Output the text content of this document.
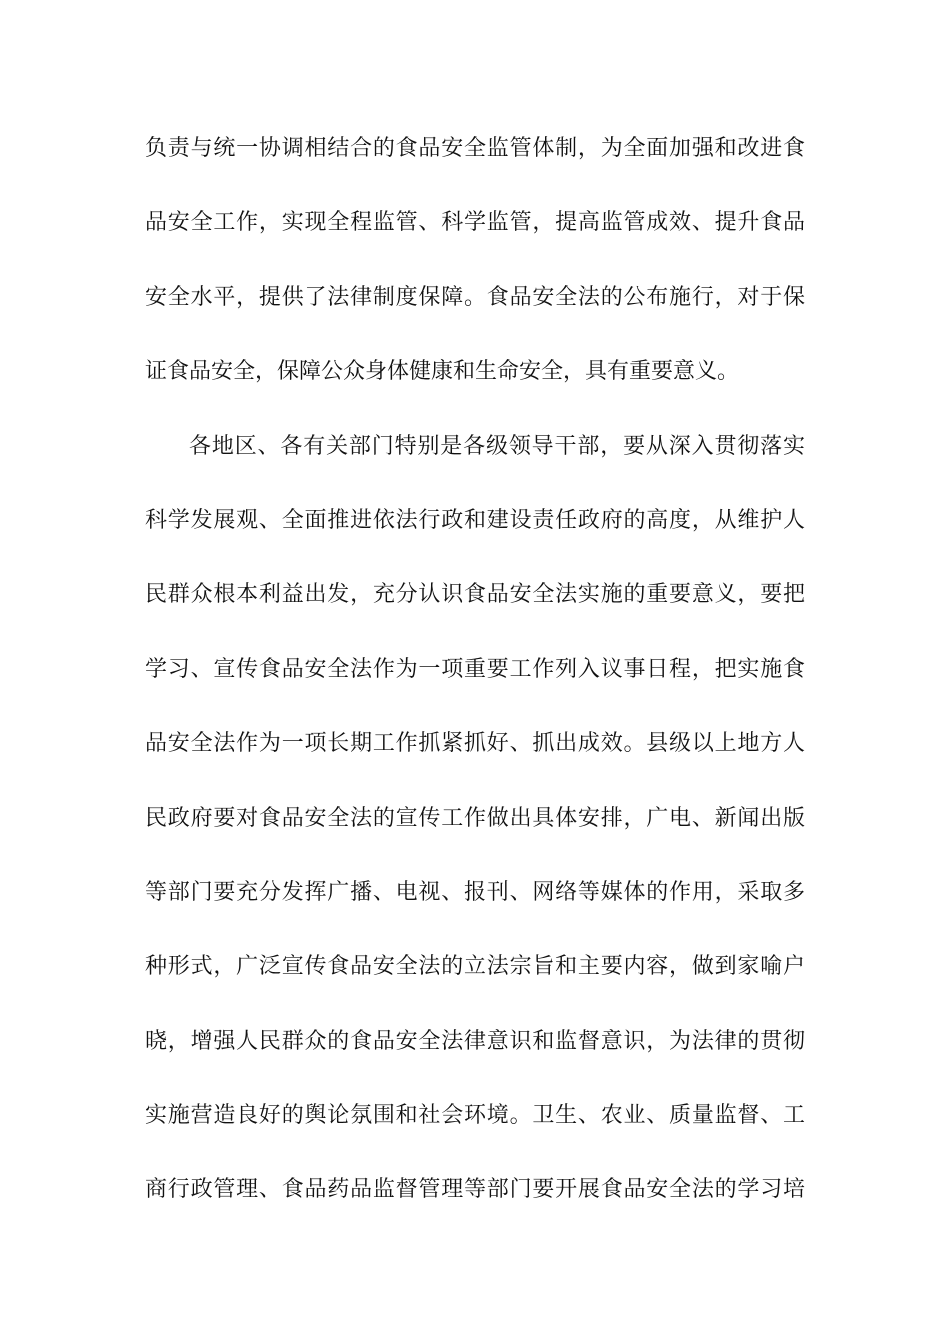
负责与统一协调相结合的食品安全监管体制，为全面加强和改进食
品安全工作，实现全程监管、科学监管，提高监管成效、提升食品
安全水平，提供了法律制度保障。食品安全法的公布施行，对于保
证食品安全，保障公众身体健康和生命安全，具有重要意义。
各地区、各有关部门特别是各级领导干部，要从深入贯彻落实
科学发展观、全面推进依法行政和建设责任政府的高度，从维护人
民群众根本利益出发，充分认识食品安全法实施的重要意义，要把
学习、宣传食品安全法作为一项重要工作列入议事日程，把实施食
品安全法作为一项长期工作抓紧抓好、抓出成效。县级以上地方人
民政府要对食品安全法的宣传工作做出具体安排，广电、新闻出版
等部门要充分发挥广播、电视、报刊、网络等媒体的作用，采取多
种形式，广泛宣传食品安全法的立法宗旨和主要内容，做到家喻户
晓，增强人民群众的食品安全法律意识和监督意识，为法律的贯彻
实施营造良好的舆论氛围和社会环境。卫生、农业、质量监督、工
商行政管理、食品药品监督管理等部门要开展食品安全法的学习培
